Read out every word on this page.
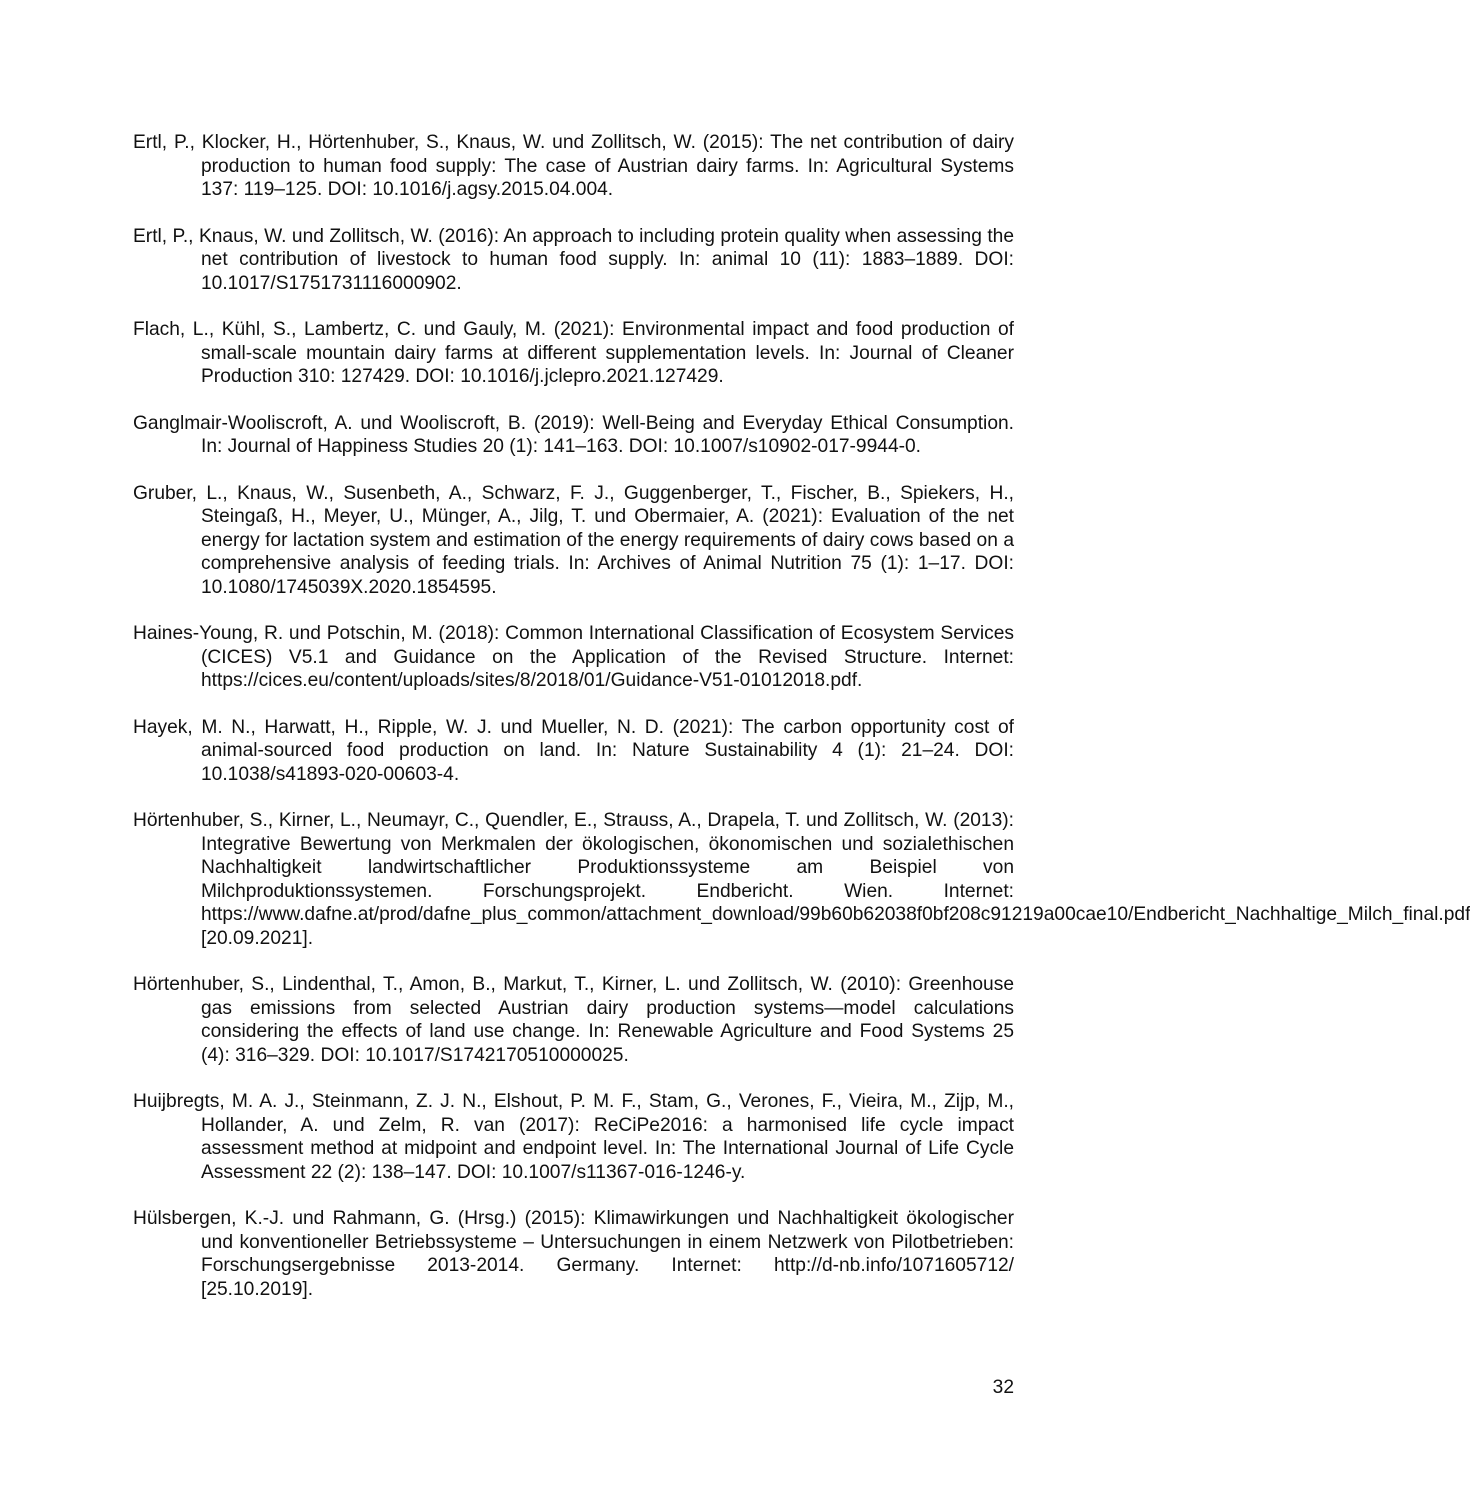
Ertl, P., Klocker, H., Hörtenhuber, S., Knaus, W. und Zollitsch, W. (2015): The net contribution of dairy production to human food supply: The case of Austrian dairy farms. In: Agricultural Systems 137: 119–125. DOI: 10.1016/j.agsy.2015.04.004.

Ertl, P., Knaus, W. und Zollitsch, W. (2016): An approach to including protein quality when assessing the net contribution of livestock to human food supply. In: animal 10 (11): 1883–1889. DOI: 10.1017/S1751731116000902.

Flach, L., Kühl, S., Lambertz, C. und Gauly, M. (2021): Environmental impact and food production of small-scale mountain dairy farms at different supplementation levels. In: Journal of Cleaner Production 310: 127429. DOI: 10.1016/j.jclepro.2021.127429.

Ganglmair-Wooliscroft, A. und Wooliscroft, B. (2019): Well-Being and Everyday Ethical Consumption. In: Journal of Happiness Studies 20 (1): 141–163. DOI: 10.1007/s10902-017-9944-0.

Gruber, L., Knaus, W., Susenbeth, A., Schwarz, F. J., Guggenberger, T., Fischer, B., Spiekers, H., Steingaß, H., Meyer, U., Münger, A., Jilg, T. und Obermaier, A. (2021): Evaluation of the net energy for lactation system and estimation of the energy requirements of dairy cows based on a comprehensive analysis of feeding trials. In: Archives of Animal Nutrition 75 (1): 1–17. DOI: 10.1080/1745039X.2020.1854595.

Haines-Young, R. und Potschin, M. (2018): Common International Classification of Ecosystem Services (CICES) V5.1 and Guidance on the Application of the Revised Structure. Internet: https://cices.eu/content/uploads/sites/8/2018/01/Guidance-V51-01012018.pdf.

Hayek, M. N., Harwatt, H., Ripple, W. J. und Mueller, N. D. (2021): The carbon opportunity cost of animal-sourced food production on land. In: Nature Sustainability 4 (1): 21–24. DOI: 10.1038/s41893-020-00603-4.

Hörtenhuber, S., Kirner, L., Neumayr, C., Quendler, E., Strauss, A., Drapela, T. und Zollitsch, W. (2013): Integrative Bewertung von Merkmalen der ökologischen, ökonomischen und sozialethischen Nachhaltigkeit landwirtschaftlicher Produktionssysteme am Beispiel von Milchproduktionssystemen. Forschungsprojekt. Endbericht. Wien. Internet: https://www.dafne.at/prod/dafne_plus_common/attachment_download/99b60b62038f0bf208c91219a00cae10/Endbericht_Nachhaltige_Milch_final.pdf [20.09.2021].

Hörtenhuber, S., Lindenthal, T., Amon, B., Markut, T., Kirner, L. und Zollitsch, W. (2010): Greenhouse gas emissions from selected Austrian dairy production systems—model calculations considering the effects of land use change. In: Renewable Agriculture and Food Systems 25 (4): 316–329. DOI: 10.1017/S1742170510000025.

Huijbregts, M. A. J., Steinmann, Z. J. N., Elshout, P. M. F., Stam, G., Verones, F., Vieira, M., Zijp, M., Hollander, A. und Zelm, R. van (2017): ReCiPe2016: a harmonised life cycle impact assessment method at midpoint and endpoint level. In: The International Journal of Life Cycle Assessment 22 (2): 138–147. DOI: 10.1007/s11367-016-1246-y.

Hülsbergen, K.-J. und Rahmann, G. (Hrsg.) (2015): Klimawirkungen und Nachhaltigkeit ökologischer und konventioneller Betriebssysteme – Untersuchungen in einem Netzwerk von Pilotbetrieben: Forschungsergebnisse 2013-2014. Germany. Internet: http://d-nb.info/1071605712/ [25.10.2019].

32
